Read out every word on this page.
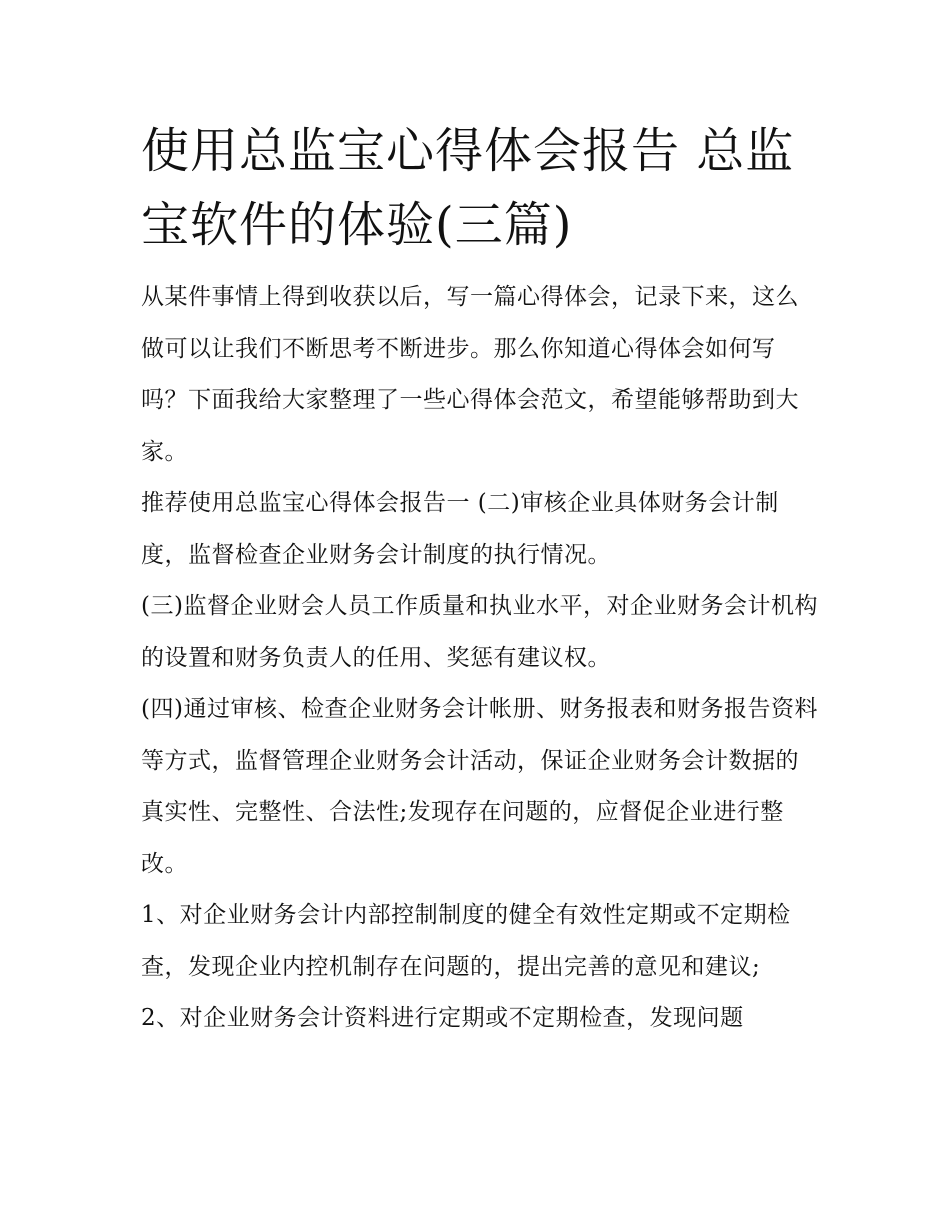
使用总监宝心得体会报告 总监宝软件的体验(三篇)

从某件事情上得到收获以后，写一篇心得体会，记录下来，这么做可以让我们不断思考不断进步。那么你知道心得体会如何写吗？下面我给大家整理了一些心得体会范文，希望能够帮助到大家。

推荐使用总监宝心得体会报告一 (二)审核企业具体财务会计制度，监督检查企业财务会计制度的执行情况。

(三)监督企业财会人员工作质量和执业水平，对企业财务会计机构的设置和财务负责人的任用、奖惩有建议权。

(四)通过审核、检查企业财务会计帐册、财务报表和财务报告资料等方式，监督管理企业财务会计活动，保证企业财务会计数据的真实性、完整性、合法性;发现存在问题的，应督促企业进行整改。

1、对企业财务会计内部控制制度的健全有效性定期或不定期检查，发现企业内控机制存在问题的，提出完善的意见和建议;

2、对企业财务会计资料进行定期或不定期检查，发现问题
